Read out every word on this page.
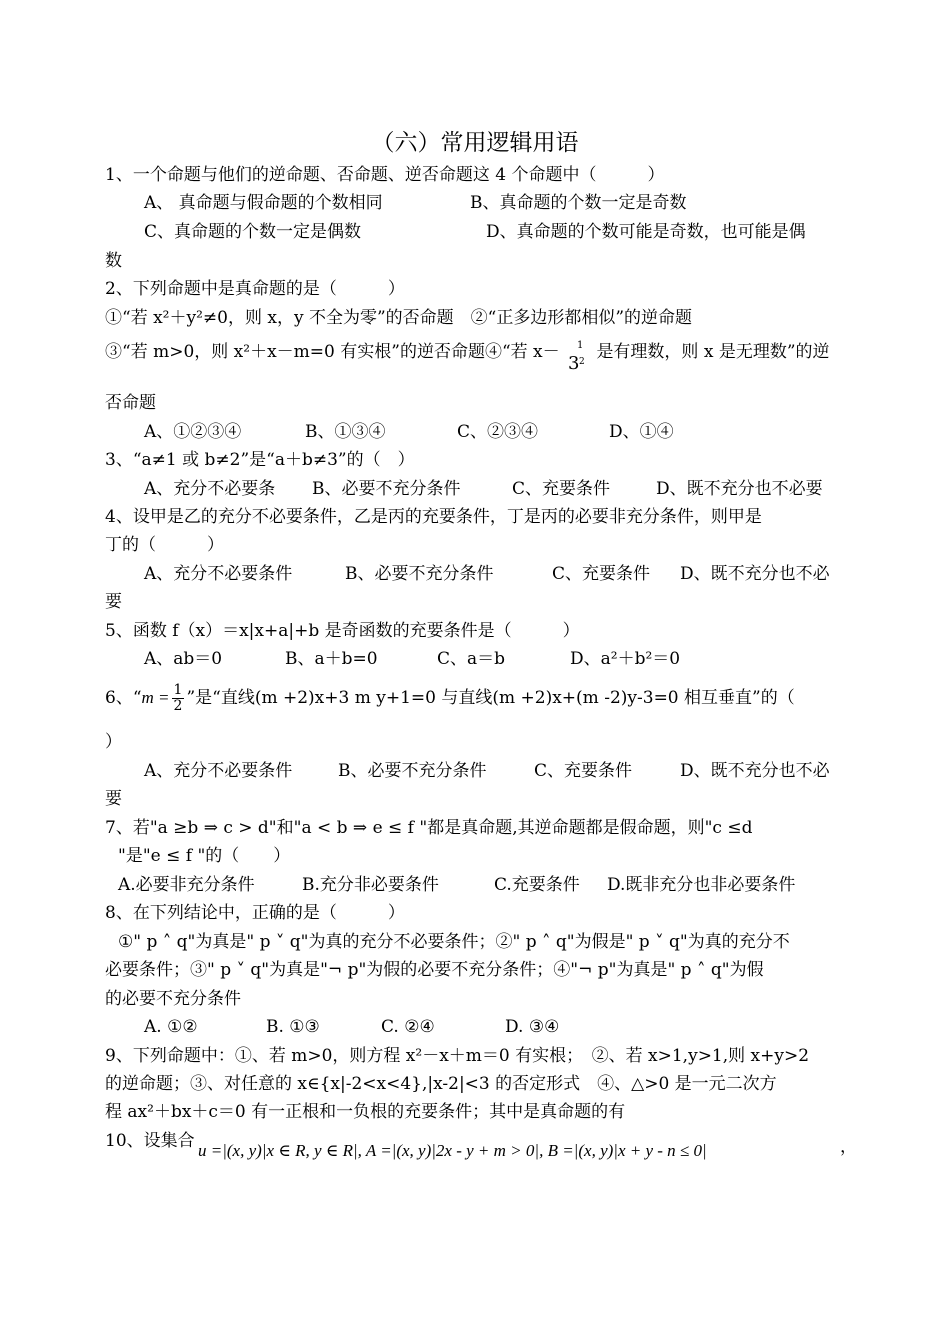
（六）常用逻辑用语
1、一个命题与他们的逆命题、否命题、逆否命题这 4 个命题中（　　　）
A、 真命题与假命题的个数相同	B、真命题的个数一定是奇数
C、真命题的个数一定是偶数	D、真命题的个数可能是奇数，也可能是偶
数
2、下列命题中是真命题的是（　　　）
①“若 x²＋y²≠0，则 x，y 不全为零”的否命题　②“正多边形都相似”的逆命题
③“若 m>0，则 x²＋x－m=0 有实根”的逆否命题④“若 x－ 1
3 2 是有理数，则 x 是无理数”的逆
否命题
A、①②③④	B、①③④	C、②③④	D、①④
3、“a≠1 或 b≠2”是“a＋b≠3”的（　）
A、充分不必要条 B、必要不充分条件	C、充要条件	D、既不充分也不必要
4、设甲是乙的充分不必要条件，乙是丙的充要条件，丁是丙的必要非充分条件，则甲是
丁的（　　　）
A、充分不必要条件	B、必要不充分条件	C、充要条件 D、既不充分也不必
要
5、函数 f（x）＝x|x+a|+b 是奇函数的充要条件是（　　　）
A、ab＝0	B、a＋b=0	C、a＝b	D、a²＋b²＝0
6、“$m = \frac{1}{2}$ ”是“直线(m +2)x+3 m y+1=0 与直线(m +2)x+(m -2)y-3=0 相互垂直”的（
）
A、充分不必要条件	B、必要不充分条件	C、充要条件	D、既不充分也不必
要
7、若"a ≥b ⇒ c > d"和"a < b ⇒ e ≤ f "都是真命题,其逆命题都是假命题，则"c ≤d
"是"e ≤ f "的（　　）
A.必要非充分条件	B.充分非必要条件	C.充要条件 D.既非充分也非必要条件
8、在下列结论中，正确的是（　　　）
①" p ˄ q"为真是" p ˅ q"为真的充分不必要条件；②" p ˄ q"为假是" p ˅ q"为真的充分不
必要条件；③" p ˅ q"为真是"¬ p"为假的必要不充分条件；④"¬ p"为真是" p ˄ q"为假
的必要不充分条件
A. ①②	B. ①③	C. ②④	D. ③④
9、下列命题中：①、若 m>0，则方程 x²－x＋m＝0 有实根；　②、若 x>1,y>1,则 x+y>2
的逆命题；③、对任意的 x∈{x|-2<x<4},|x-2|<3 的否定形式　④、△>0 是一元二次方
程 ax²＋bx＋c＝0 有一正根和一负根的充要条件；其中是真命题的有
10、设集合 u =|(x, y)|x ∈ R, y ∈ R|, A =|(x, y)|2x - y + m > 0|, B =|(x, y)|x + y - n ≤ 0|	，
